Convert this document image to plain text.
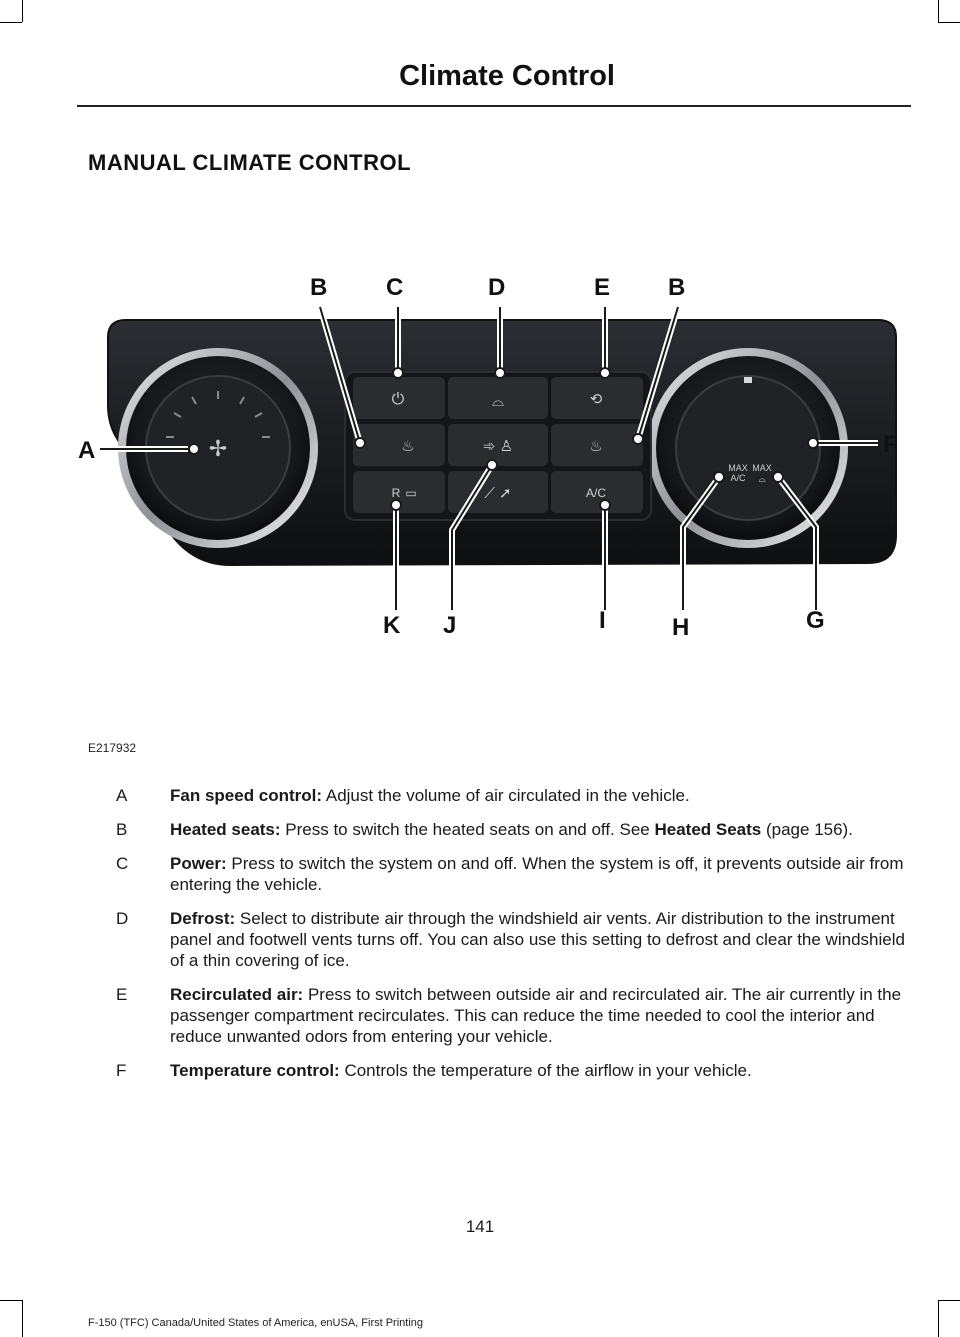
Climate Control
MANUAL CLIMATE CONTROL
✢
MAX
A/C
MAX
⌓
⏻	⌓	⟲
♨	➾ ♙	♨
R ▭	⟋ ➚	A/C
B C	D	E B
A	F
K J	I	H	G
E217932
A	Fan speed control: Adjust the volume of air circulated in the vehicle.
B	Heated seats: Press to switch the heated seats on and off. See Heated Seats (page 156).
C Power: Press to switch the system on and off. When the system is off, it prevents outside air from entering the vehicle.
D Defrost: Select to distribute air through the windshield air vents. Air distribution to the instrument panel and footwell vents turns off. You can also use this setting to defrost and clear the windshield of a thin covering of ice.
E	Recirculated air: Press to switch between outside air and recirculated air. The air currently in the passenger compartment recirculates. This can reduce the time needed to cool the interior and reduce unwanted odors from entering your vehicle.
F	Temperature control: Controls the temperature of the airflow in your vehicle.
141
F-150 (TFC) Canada/United States of America, enUSA, First Printing
